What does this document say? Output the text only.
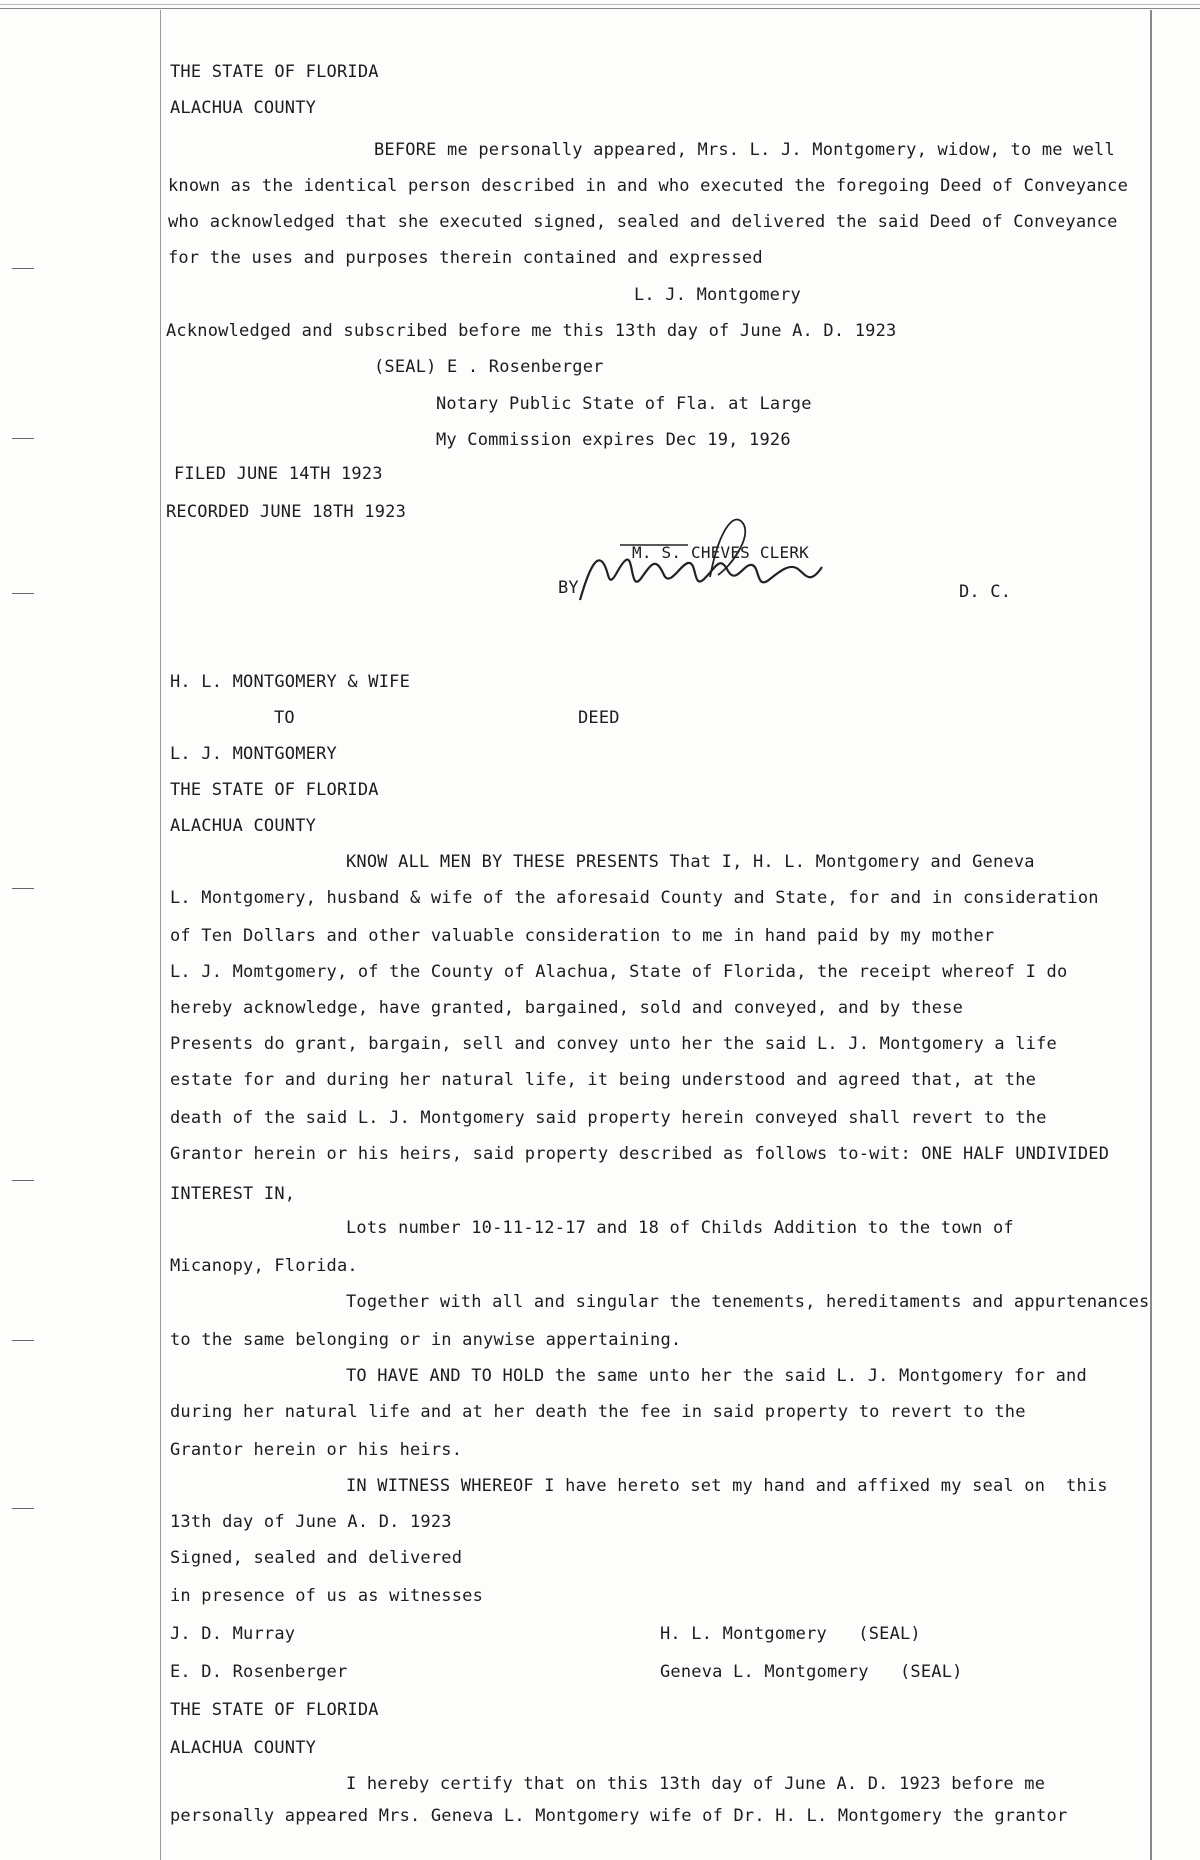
THE STATE OF FLORIDA
ALACHUA COUNTY
BEFORE me personally appeared, Mrs. L. J. Montgomery, widow, to me well
known as the identical person described in and who executed the foregoing Deed of Conveyance
who acknowledged that she executed signed, sealed and delivered the said Deed of Conveyance
for the uses and purposes therein contained and expressed
L. J. Montgomery
Acknowledged and subscribed before me this 13th day of June A. D. 1923
(SEAL) E . Rosenberger
Notary Public State of Fla. at Large
My Commission expires Dec 19, 1926
FILED JUNE 14TH 1923
RECORDED JUNE 18TH 1923
M. S. CHEVES CLERK
BY	D. C.
H. L. MONTGOMERY & WIFE
TO	DEED
L. J. MONTGOMERY
THE STATE OF FLORIDA
ALACHUA COUNTY
KNOW ALL MEN BY THESE PRESENTS That I, H. L. Montgomery and Geneva
L. Montgomery, husband & wife of the aforesaid County and State, for and in consideration
of Ten Dollars and other valuable consideration to me in hand paid by my mother
L. J. Momtgomery, of the County of Alachua, State of Florida, the receipt whereof I do
hereby acknowledge, have granted, bargained, sold and conveyed, and by these
Presents do grant, bargain, sell and convey unto her the said L. J. Montgomery a life
estate for and during her natural life, it being understood and agreed that, at the
death of the said L. J. Montgomery said property herein conveyed shall revert to the
Grantor herein or his heirs, said property described as follows to-wit: ONE HALF UNDIVIDED
INTEREST IN,
Lots number 10-11-12-17 and 18 of Childs Addition to the town of
Micanopy, Florida.
Together with all and singular the tenements, hereditaments and appurtenances
to the same belonging or in anywise appertaining.
TO HAVE AND TO HOLD the same unto her the said L. J. Montgomery for and
during her natural life and at her death the fee in said property to revert to the
Grantor herein or his heirs.
IN WITNESS WHEREOF I have hereto set my hand and affixed my seal on  this
13th day of June A. D. 1923
Signed, sealed and delivered
in presence of us as witnesses
J. D. Murray	H. L. Montgomery   (SEAL)
E. D. Rosenberger	Geneva L. Montgomery   (SEAL)
THE STATE OF FLORIDA
ALACHUA COUNTY
I hereby certify that on this 13th day of June A. D. 1923 before me
personally appeared Mrs. Geneva L. Montgomery wife of Dr. H. L. Montgomery the grantor
